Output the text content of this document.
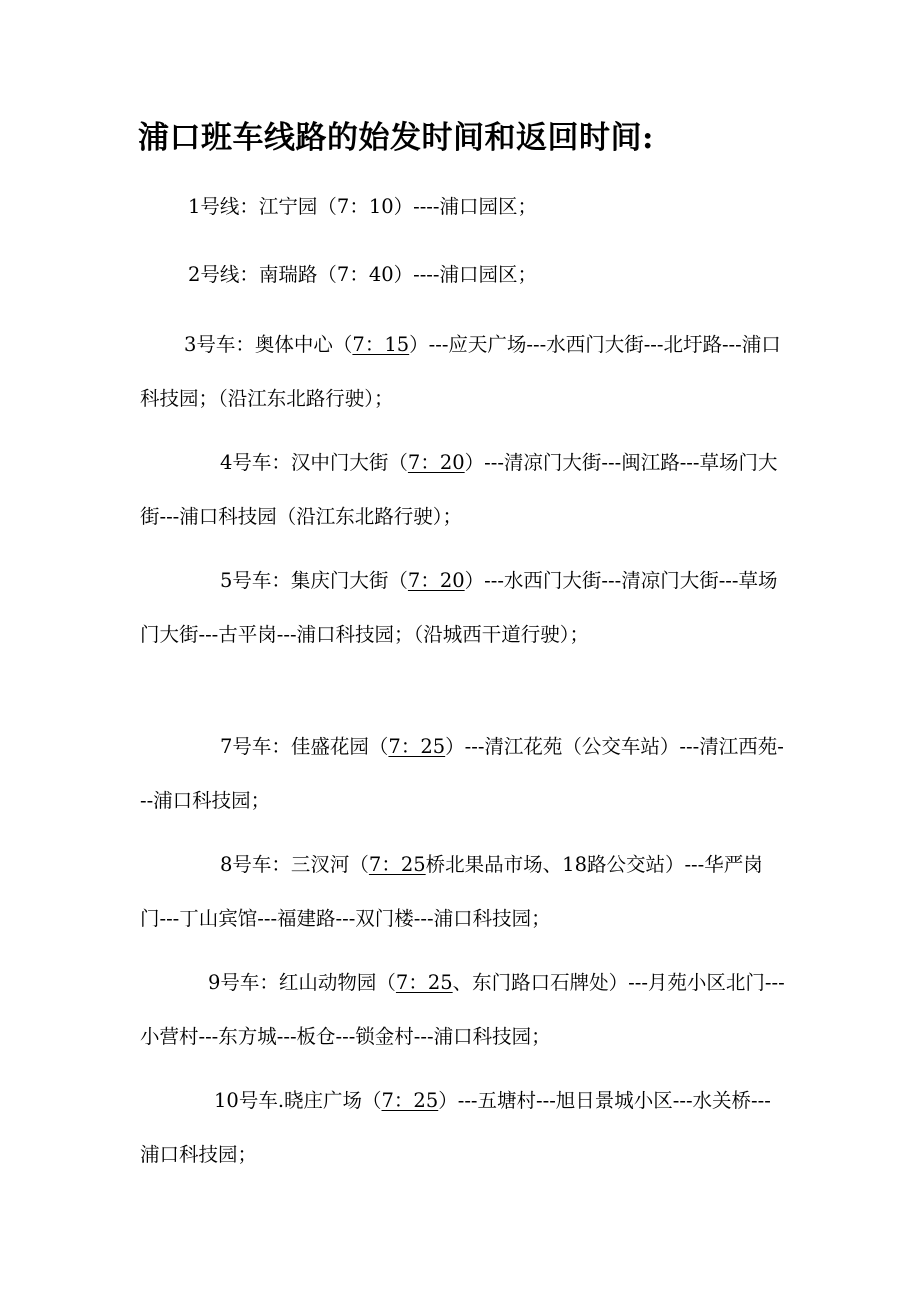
浦口班车线路的始发时间和返回时间:

1号线：江宁园（7：10）----浦口园区；

2号线：南瑞路（7：40）----浦口园区；

3号车：奥体中心（7：15）---应天广场---水西门大街---北圩路---浦口科技园；（沿江东北路行驶）；

4号车：汉中门大街（7：20）---清凉门大街---闽江路---草场门大街---浦口科技园（沿江东北路行驶）；

5号车：集庆门大街（7：20）---水西门大街---清凉门大街---草场门大街---古平岗---浦口科技园；（沿城西干道行驶）；

7号车：佳盛花园（7：25）---清江花苑（公交车站）---清江西苑---浦口科技园；

8号车：三汊河（7：25桥北果品市场、18路公交站）---华严岗门---丁山宾馆---福建路---双门楼---浦口科技园；

9号车：红山动物园（7：25、东门路口石牌处）---月苑小区北门---小营村---东方城---板仓---锁金村---浦口科技园；

10号车.晓庄广场（7：25）---五塘村---旭日景城小区---水关桥---浦口科技园；
